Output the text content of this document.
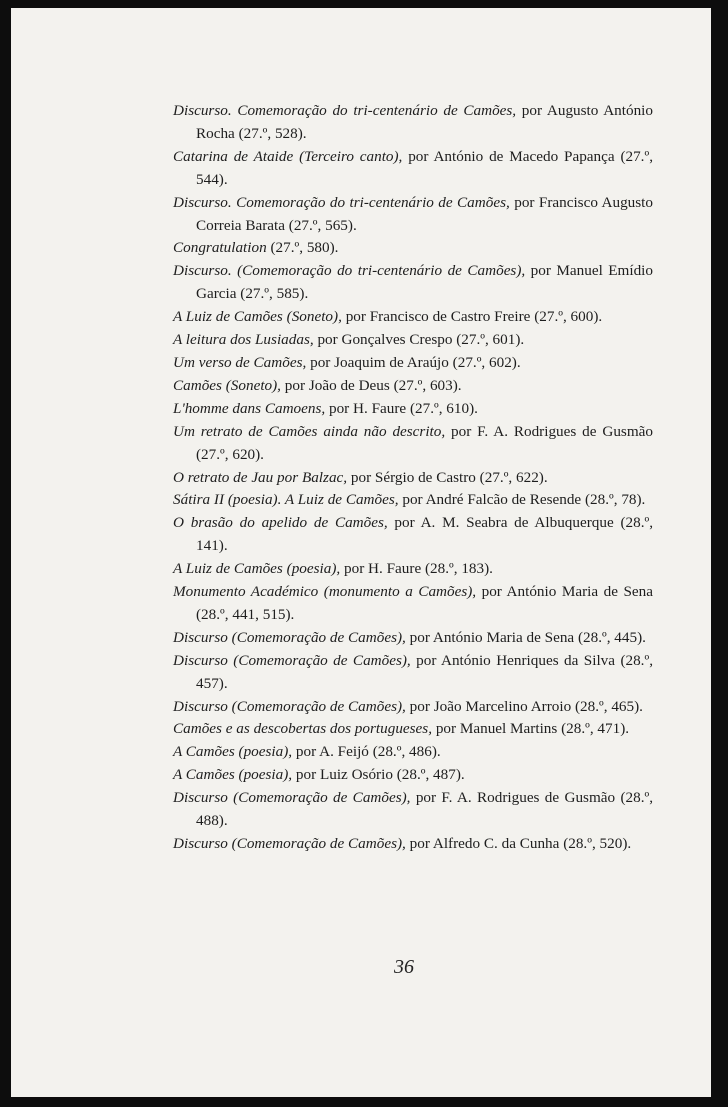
Discurso. Comemoração do tri-centenário de Camões, por Augusto António Rocha (27.º, 528).
Catarina de Ataide (Terceiro canto), por António de Macedo Papança (27.º, 544).
Discurso. Comemoração do tri-centenário de Camões, por Francisco Augusto Correia Barata (27.º, 565).
Congratulation (27.º, 580).
Discurso. (Comemoração do tri-centenário de Camões), por Manuel Emídio Garcia (27.º, 585).
A Luiz de Camões (Soneto), por Francisco de Castro Freire (27.º, 600).
A leitura dos Lusiadas, por Gonçalves Crespo (27.º, 601).
Um verso de Camões, por Joaquim de Araújo (27.º, 602).
Camões (Soneto), por João de Deus (27.º, 603).
L'homme dans Camoens, por H. Faure (27.º, 610).
Um retrato de Camões ainda não descrito, por F. A. Rodrigues de Gusmão (27.º, 620).
O retrato de Jau por Balzac, por Sérgio de Castro (27.º, 622).
Sátira II (poesia). A Luiz de Camões, por André Falcão de Resende (28.º, 78).
O brasão do apelido de Camões, por A. M. Seabra de Albuquerque (28.º, 141).
A Luiz de Camões (poesia), por H. Faure (28.º, 183).
Monumento Académico (monumento a Camões), por António Maria de Sena (28.º, 441, 515).
Discurso (Comemoração de Camões), por António Maria de Sena (28.º, 445).
Discurso (Comemoração de Camões), por António Henriques da Silva (28.º, 457).
Discurso (Comemoração de Camões), por João Marcelino Arroio (28.º, 465).
Camões e as descobertas dos portugueses, por Manuel Martins (28.º, 471).
A Camões (poesia), por A. Feijó (28.º, 486).
A Camões (poesia), por Luiz Osório (28.º, 487).
Discurso (Comemoração de Camões), por F. A. Rodrigues de Gusmão (28.º, 488).
Discurso (Comemoração de Camões), por Alfredo C. da Cunha (28.º, 520).
36
